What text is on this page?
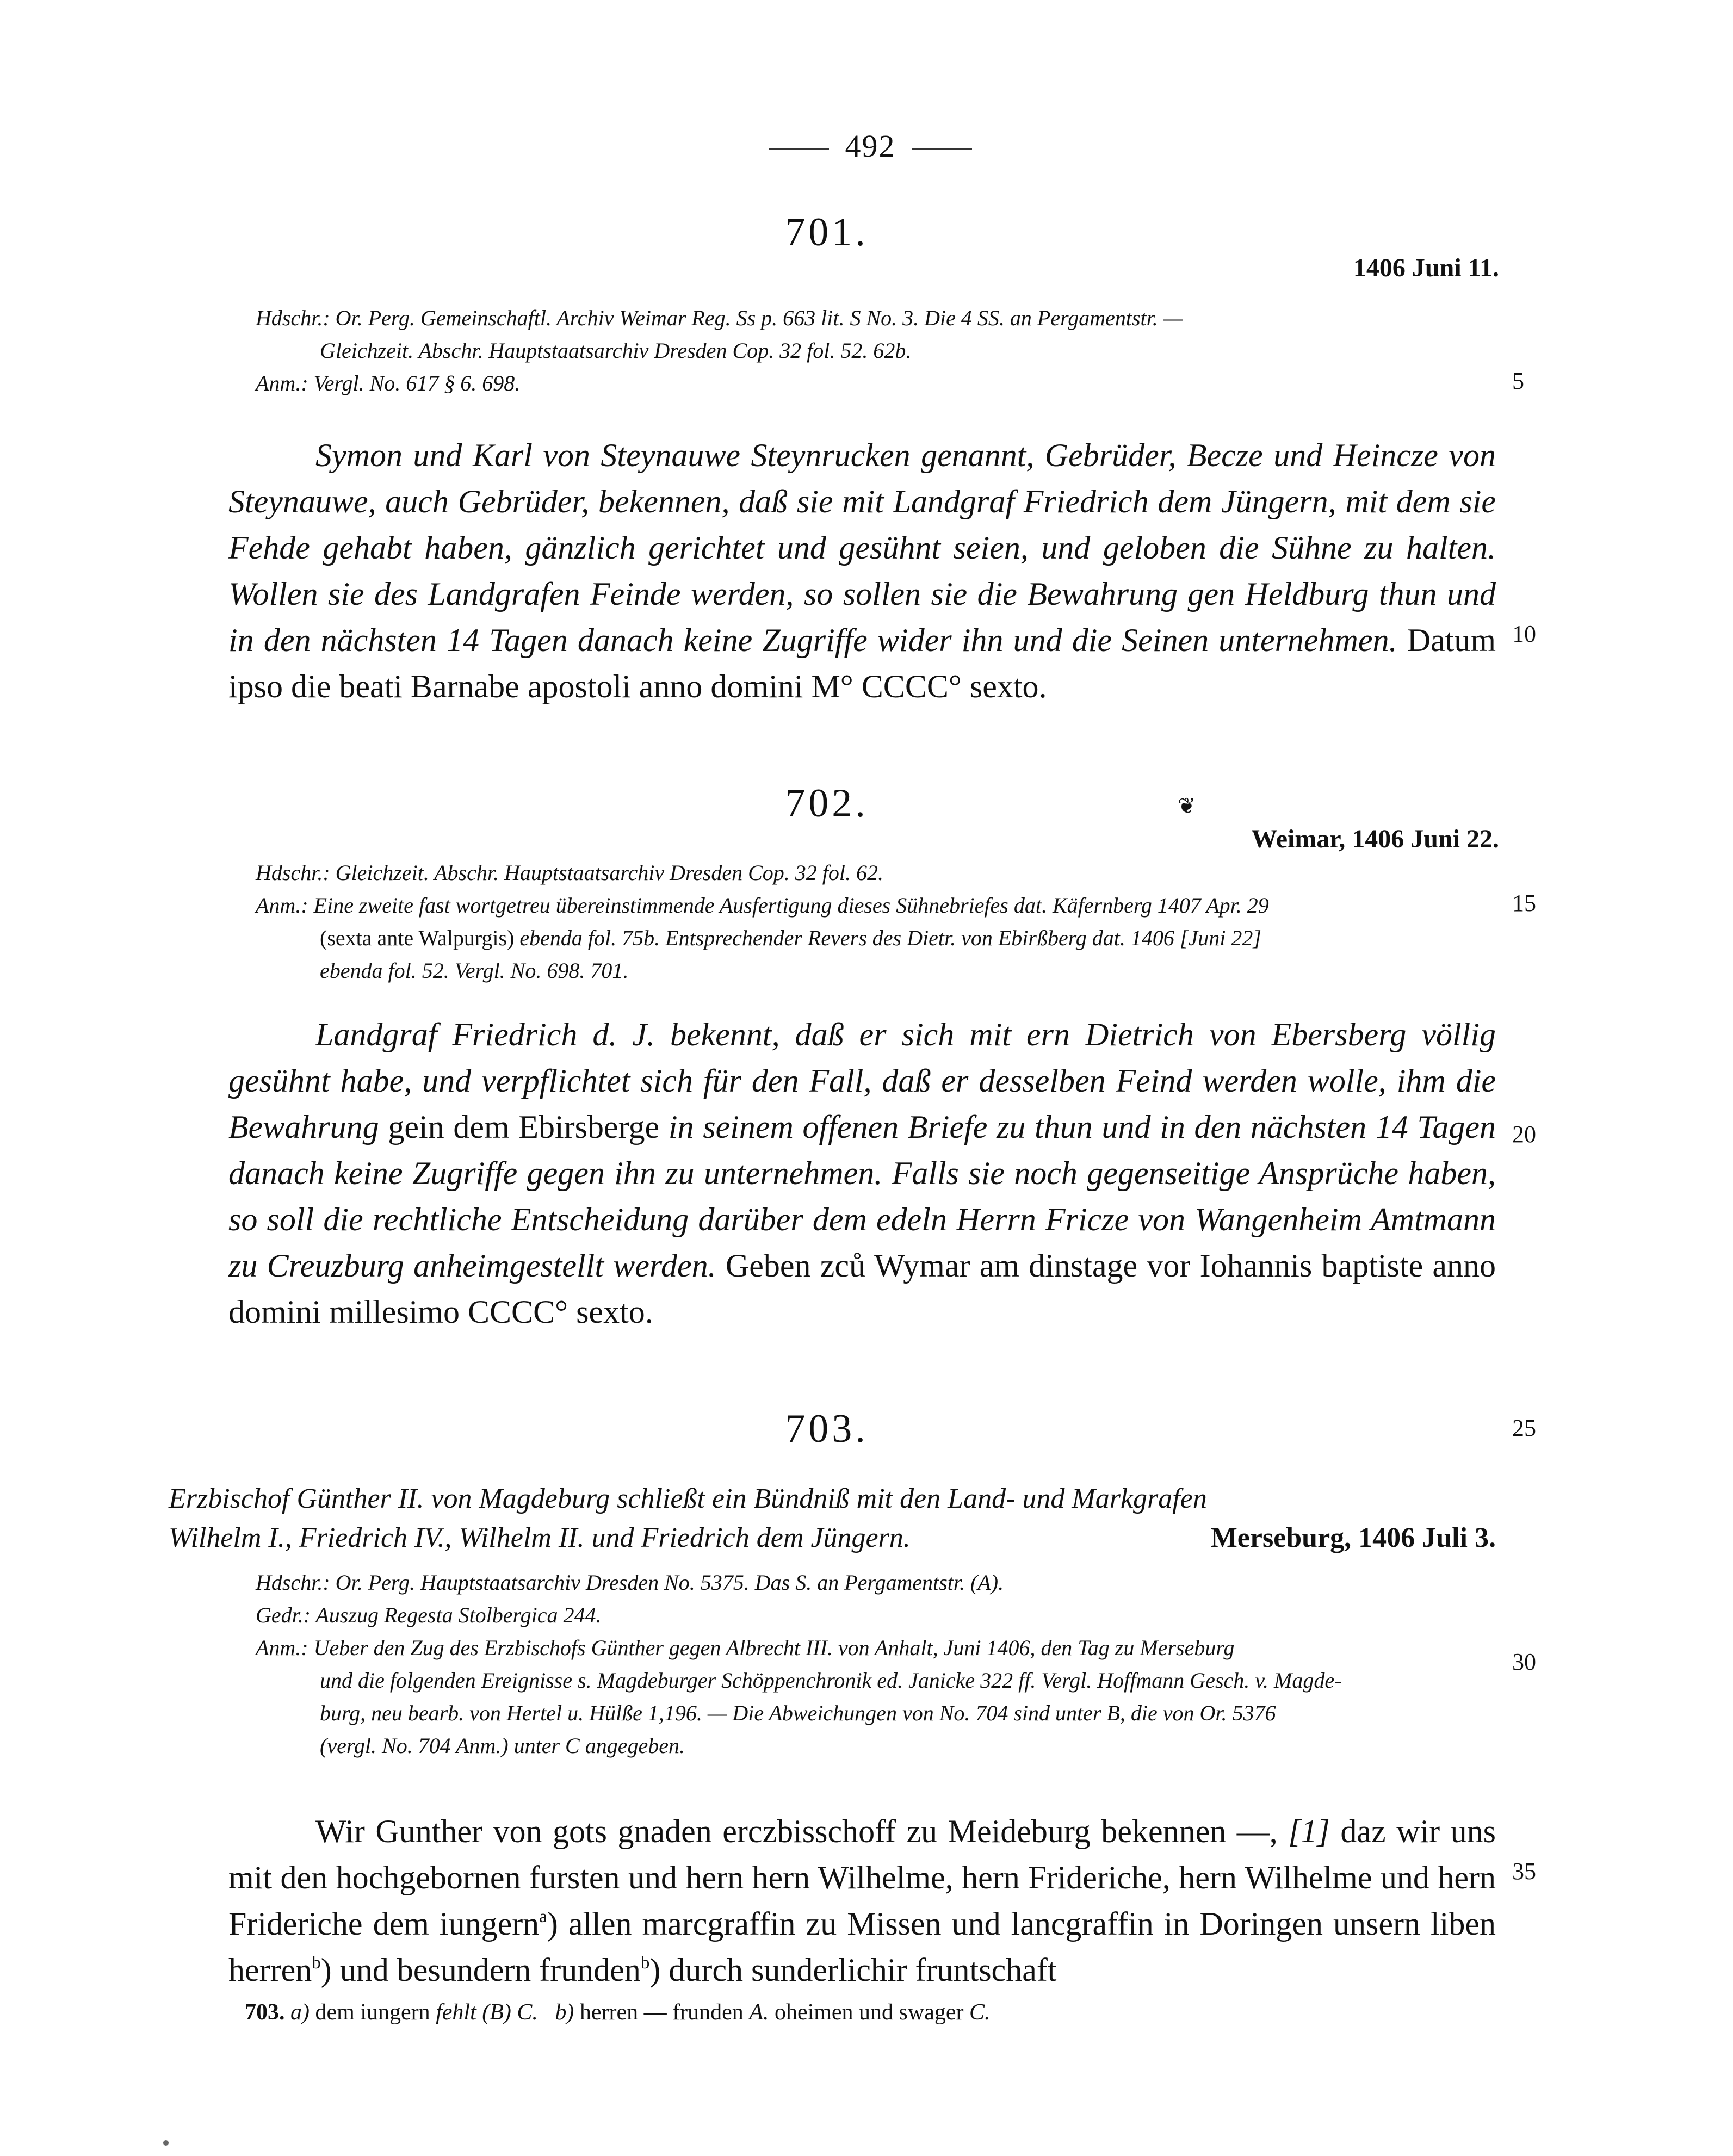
492
701.
1406 Juni 11.
Hdschr.: Or. Perg. Gemeinschaftl. Archiv Weimar Reg. Ss p. 663 lit. S No. 3. Die 4 SS. an Pergamentstr. —
Gleichzeit. Abschr. Hauptstaatsarchiv Dresden Cop. 32 fol. 52. 62b.
Anm.: Vergl. No. 617 § 6. 698.

Symon und Karl von Steynauwe Steynrucken genannt, Gebrüder, Becze und Heincze von Steynauwe, auch Gebrüder, bekennen, daß sie mit Landgraf Friedrich dem Jüngern, mit dem sie Fehde gehabt haben, gänzlich gerichtet und gesühnt seien, und geloben die Sühne zu halten. Wollen sie des Landgrafen Feinde werden, so sollen sie die Bewahrung gen Heldburg thun und in den nächsten 14 Tagen danach keine Zugriffe wider ihn und die Seinen unternehmen. Datum ipso die beati Barnabe apostoli anno domini M° CCCC° sexto.

702.	❦
Weimar, 1406 Juni 22.
Hdschr.: Gleichzeit. Abschr. Hauptstaatsarchiv Dresden Cop. 32 fol. 62.
Anm.: Eine zweite fast wortgetreu übereinstimmende Ausfertigung dieses Sühnebriefes dat. Käfernberg 1407 Apr. 29
(sexta ante Walpurgis) ebenda fol. 75b. Entsprechender Revers des Dietr. von Ebirßberg dat. 1406 [Juni 22]
ebenda fol. 52. Vergl. No. 698. 701.

Landgraf Friedrich d. J. bekennt, daß er sich mit ern Dietrich von Ebersberg völlig gesühnt habe, und verpflichtet sich für den Fall, daß er desselben Feind werden wolle, ihm die Bewahrung gein dem Ebirsberge in seinem offenen Briefe zu thun und in den nächsten 14 Tagen danach keine Zugriffe gegen ihn zu unternehmen. Falls sie noch gegenseitige Ansprüche haben, so soll die rechtliche Entscheidung darüber dem edeln Herrn Fricze von Wangenheim Amtmann zu Creuzburg anheimgestellt werden. Geben zců Wymar am dinstage vor Iohannis baptiste anno domini millesimo CCCC° sexto.

703.
Erzbischof Günther II. von Magdeburg schließt ein Bündniß mit den Land- und Markgrafen
Wilhelm I., Friedrich IV., Wilhelm II. und Friedrich dem Jüngern.	Merseburg, 1406 Juli 3.
Hdschr.: Or. Perg. Hauptstaatsarchiv Dresden No. 5375. Das S. an Pergamentstr. (A).
Gedr.: Auszug Regesta Stolbergica 244.
Anm.: Ueber den Zug des Erzbischofs Günther gegen Albrecht III. von Anhalt, Juni 1406, den Tag zu Merseburg
und die folgenden Ereignisse s. Magdeburger Schöppenchronik ed. Janicke 322 ff. Vergl. Hoffmann Gesch. v. Magde-
burg, neu bearb. von Hertel u. Hülße 1,196. — Die Abweichungen von No. 704 sind unter B, die von Or. 5376
(vergl. No. 704 Anm.) unter C angegeben.

Wir Gunther von gots gnaden erczbisschoff zu Meideburg bekennen —, [1] daz wir uns mit den hochgebornen fursten und hern hern Wilhelme, hern Frideriche, hern Wilhelme und hern Frideriche dem iungern$^a$) allen marcgraffin zu Missen und lancgraffin in Doringen unsern liben herren$^b$) und besundern frunden$^b$) durch sunderlichir fruntschaft

703. a) dem iungern fehlt (B) C. b) herren — frunden A. oheimen und swager C.
5
10
15
20
25
30
35
